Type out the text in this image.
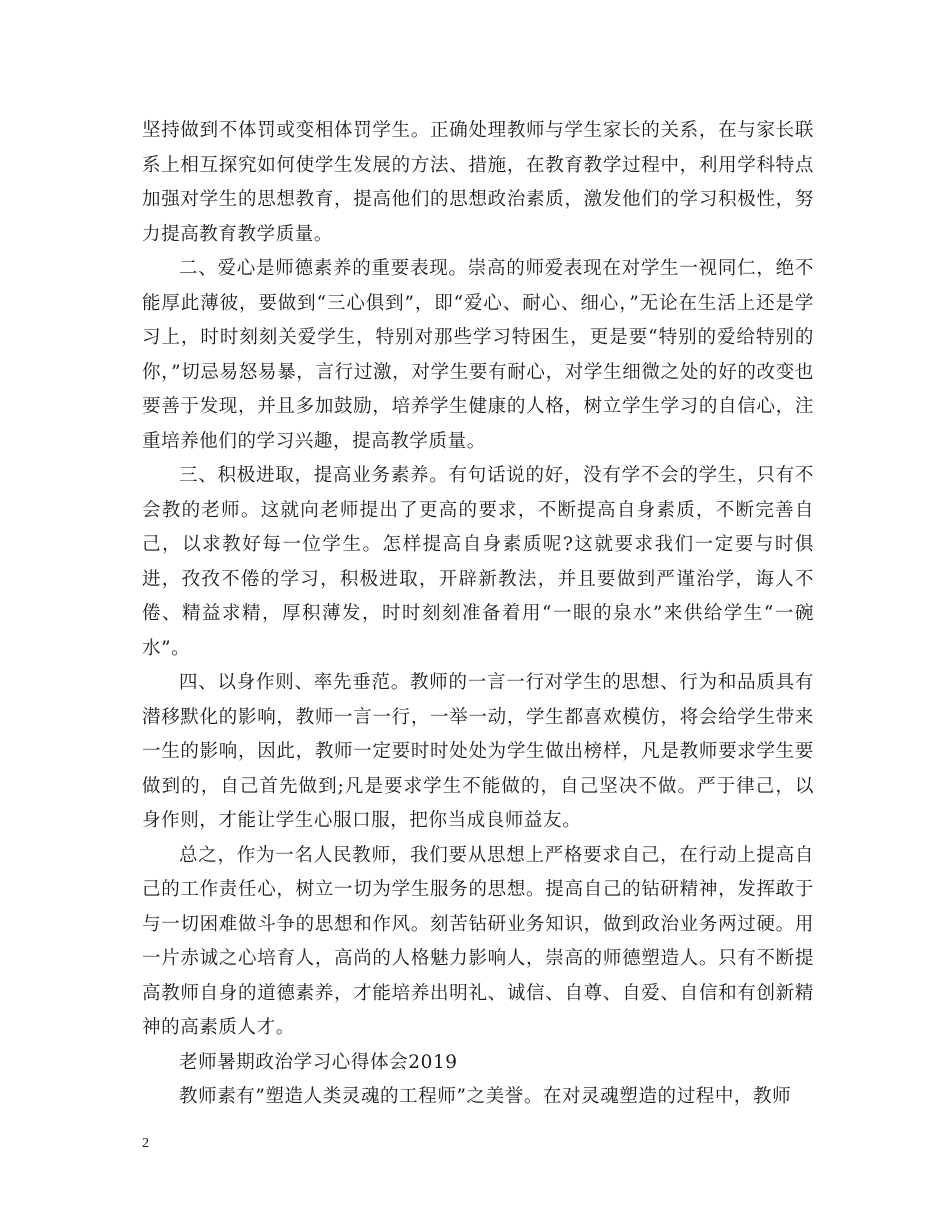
坚持做到不体罚或变相体罚学生。正确处理教师与学生家长的关系，在与家长联系上相互探究如何使学生发展的方法、措施，在教育教学过程中，利用学科特点加强对学生的思想教育，提高他们的思想政治素质，激发他们的学习积极性，努力提高教育教学质量。

二、爱心是师德素养的重要表现。崇高的师爱表现在对学生一视同仁，绝不能厚此薄彼，要做到“三心俱到”，即“爱心、耐心、细心，”无论在生活上还是学习上，时时刻刻关爱学生，特别对那些学习特困生，更是要“特别的爱给特别的你，”切忌易怒易暴，言行过激，对学生要有耐心，对学生细微之处的好的改变也要善于发现，并且多加鼓励，培养学生健康的人格，树立学生学习的自信心，注重培养他们的学习兴趣，提高教学质量。

三、积极进取，提高业务素养。有句话说的好，没有学不会的学生，只有不会教的老师。这就向老师提出了更高的要求，不断提高自身素质，不断完善自己，以求教好每一位学生。怎样提高自身素质呢?这就要求我们一定要与时俱进，孜孜不倦的学习，积极进取，开辟新教法，并且要做到严谨治学，诲人不倦、精益求精，厚积薄发，时时刻刻准备着用“一眼的泉水”来供给学生“一碗水”。

四、以身作则、率先垂范。教师的一言一行对学生的思想、行为和品质具有潜移默化的影响，教师一言一行，一举一动，学生都喜欢模仿，将会给学生带来一生的影响，因此，教师一定要时时处处为学生做出榜样，凡是教师要求学生要做到的，自己首先做到;凡是要求学生不能做的，自己坚决不做。严于律己，以身作则，才能让学生心服口服，把你当成良师益友。

总之，作为一名人民教师，我们要从思想上严格要求自己，在行动上提高自己的工作责任心，树立一切为学生服务的思想。提高自己的钻研精神，发挥敢于与一切困难做斗争的思想和作风。刻苦钻研业务知识，做到政治业务两过硬。用一片赤诚之心培育人，高尚的人格魅力影响人，崇高的师德塑造人。只有不断提高教师自身的道德素养，才能培养出明礼、诚信、自尊、自爱、自信和有创新精神的高素质人才。

老师暑期政治学习心得体会2019

教师素有”塑造人类灵魂的工程师”之美誉。在对灵魂塑造的过程中，教师

2
